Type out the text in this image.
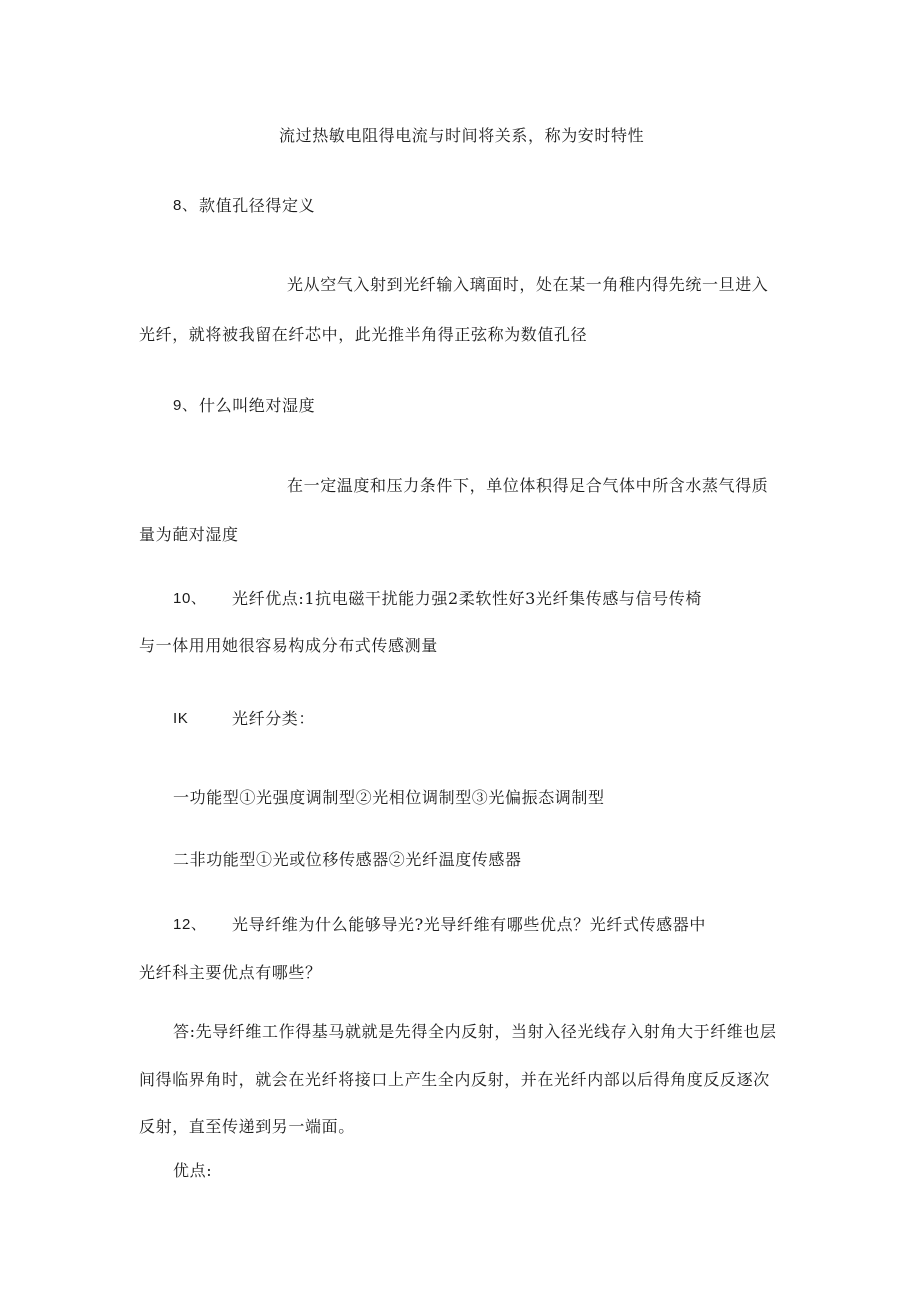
流过热敏电阻得电流与时间将关系，称为安时特性
8、 款值孔径得定义
光从空气入射到光纤输入璃面时，处在某一角稚内得先统一旦进入
光纤，就将被我留在纤芯中，此光推半角得正弦称为数值孔径
9、 什么叫绝对湿度
在一定温度和压力条件下，单位体积得足合气体中所含水蒸气得质
量为葩对湿度
10、 光纤优点:1抗电磁干扰能力强2柔软性好3光纤集传感与信号传椅
与一体用用她很容易构成分布式传感测量
IK	光纤分类：
一功能型①光强度调制型②光相位调制型③光偏振态调制型
二非功能型①光或位移传感器②光纤温度传感器
12、 光导纤维为什么能够导光?光导纤维有哪些优点？光纤式传感器中
光纤科主要优点有哪些？
答:先导纤维工作得基马就就是先得全内反射，当射入径光线存入射角大于纤维也层
间得临界角时，就会在光纤将接口上产生全内反射，并在光纤内部以后得角度反反逐次
反射，直至传递到另一端面。
优点:
